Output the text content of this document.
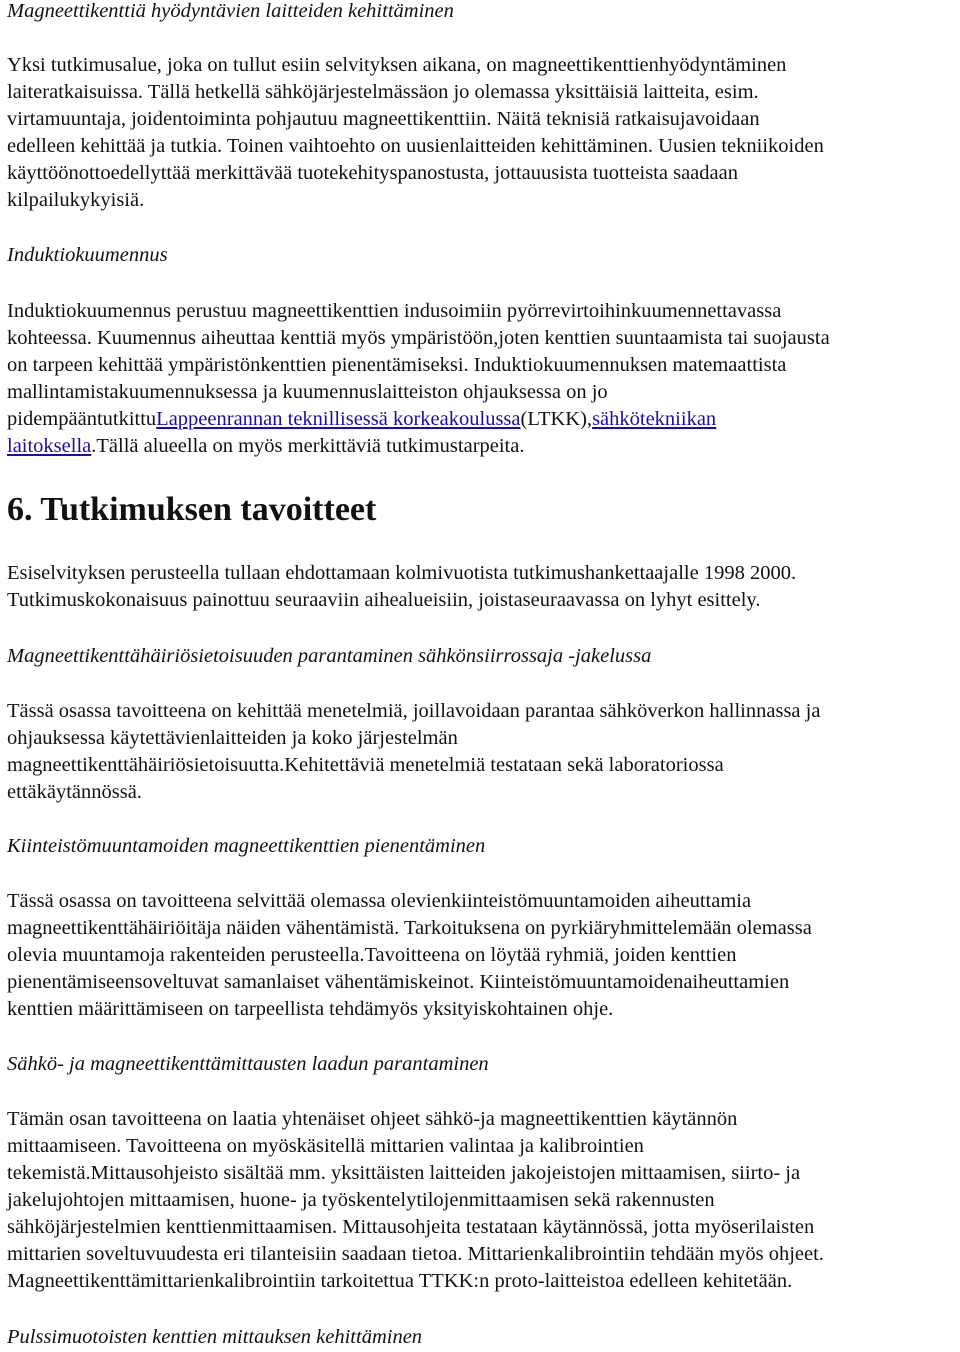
Magneettikenttiä hyödyntävien laitteiden kehittäminen
Yksi tutkimusalue, joka on tullut esiin selvityksen aikana, on magneettikenttienhyödyntäminen
laiteratkaisuissa. Tällä hetkellä sähköjärjestelmässäon jo olemassa yksittäisiä laitteita, esim.
virtamuuntaja, joidentoiminta pohjautuu magneettikenttiin. Näitä teknisiä ratkaisujavoidaan
edelleen kehittää ja tutkia. Toinen vaihtoehto on uusienlaitteiden kehittäminen. Uusien tekniikoiden
käyttöönottoedellyttää merkittävää tuotekehityspanostusta, jottauusista tuotteista saadaan
kilpailukykyisiä.
Induktiokuumennus
Induktiokuumennus perustuu magneettikenttien indusoimiin pyörrevirtoihinkuumennettavassa
kohteessa. Kuumennus aiheuttaa kenttiä myös ympäristöön,joten kenttien suuntaamista tai suojausta
on tarpeen kehittää ympäristönkenttien pienentämiseksi. Induktiokuumennuksen matemaattista
mallintamistakuumennuksessa ja kuumennuslaitteiston ohjauksessa on jo
pidempääntutkittuLappeenrannan teknillisessä korkeakoulussa(LTKK),sähkötekniikan
laitoksella.Tällä alueella on myös merkittäviä tutkimustarpeita.
6. Tutkimuksen tavoitteet
Esiselvityksen perusteella tullaan ehdottamaan kolmivuotista tutkimushankettaajalle 1998 2000.
Tutkimuskokonaisuus painottuu seuraaviin aihealueisiin, joistaseuraavassa on lyhyt esittely.
Magneettikenttähäiriösietoisuuden parantaminen sähkönsiirrossaja -jakelussa
Tässä osassa tavoitteena on kehittää menetelmiä, joillavoidaan parantaa sähköverkon hallinnassa ja
ohjauksessa käytettävienlaitteiden ja koko järjestelmän
magneettikenttähäiriösietoisuutta.Kehitettäviä menetelmiä testataan sekä laboratoriossa
ettäkäytännössä.
Kiinteistömuuntamoiden magneettikenttien pienentäminen
Tässä osassa on tavoitteena selvittää olemassa olevienkiinteistömuuntamoiden aiheuttamia
magneettikenttähäiriöitäja näiden vähentämistä. Tarkoituksena on pyrkiäryhmittelemään olemassa
olevia muuntamoja rakenteiden perusteella.Tavoitteena on löytää ryhmiä, joiden kenttien
pienentämiseensoveltuvat samanlaiset vähentämiskeinot. Kiinteistömuuntamoidenaiheuttamien
kenttien määrittämiseen on tarpeellista tehdämyös yksityiskohtainen ohje.
Sähkö- ja magneettikenttämittausten laadun parantaminen
Tämän osan tavoitteena on laatia yhtenäiset ohjeet sähkö-ja magneettikenttien käytännön
mittaamiseen. Tavoitteena on myöskäsitellä mittarien valintaa ja kalibrointien
tekemistä.Mittausohjeisto sisältää mm. yksittäisten laitteiden jakojeistojen mittaamisen, siirto- ja
jakelujohtojen mittaamisen, huone- ja työskentelytilojenmittaamisen sekä rakennusten
sähköjärjestelmien kenttienmittaamisen. Mittausohjeita testataan käytännössä, jotta myöserilaisten
mittarien soveltuvuudesta eri tilanteisiin saadaan tietoa. Mittarienkalibrointiin tehdään myös ohjeet.
Magneettikenttämittarienkalibrointiin tarkoitettua TTKK:n proto-laitteistoa edelleen kehitetään.
Pulssimuotoisten kenttien mittauksen kehittäminen
